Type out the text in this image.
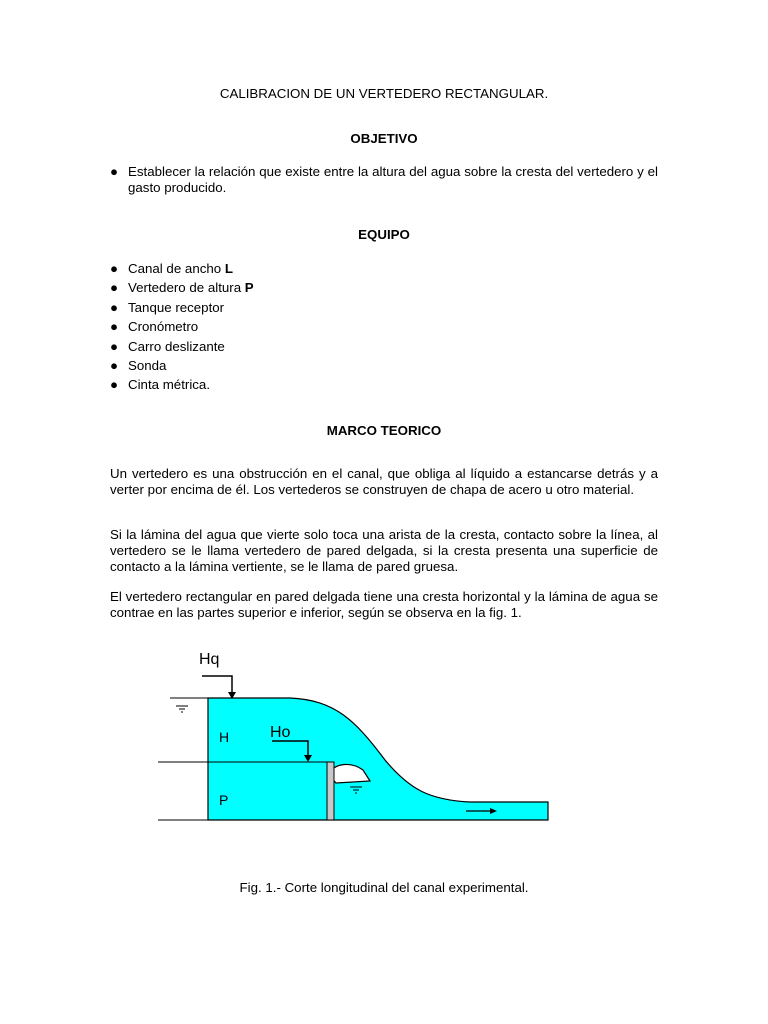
CALIBRACION DE UN VERTEDERO RECTANGULAR.
OBJETIVO
● Establecer la relación que existe entre la altura del agua sobre la cresta del vertedero y el gasto producido.
EQUIPO
● Canal de ancho L
● Vertedero de altura P
● Tanque receptor
● Cronómetro
● Carro deslizante
● Sonda
● Cinta métrica.
MARCO TEORICO

Un vertedero es una obstrucción en el canal, que obliga al líquido a estancarse detrás y a verter por encima de él. Los vertederos se construyen de chapa de acero u otro material.

Si la lámina del agua que vierte solo toca una arista de la cresta, contacto sobre la línea, al vertedero se le llama vertedero de pared delgada, si la cresta presenta una superficie de contacto a la lámina vertiente, se le llama de pared gruesa.

El vertedero rectangular en pared delgada tiene una cresta horizontal y la lámina de agua se contrae en las partes superior e inferior, según se observa en la fig. 1.

Hq
Ho
H
P
Fig. 1.- Corte longitudinal del canal experimental.
